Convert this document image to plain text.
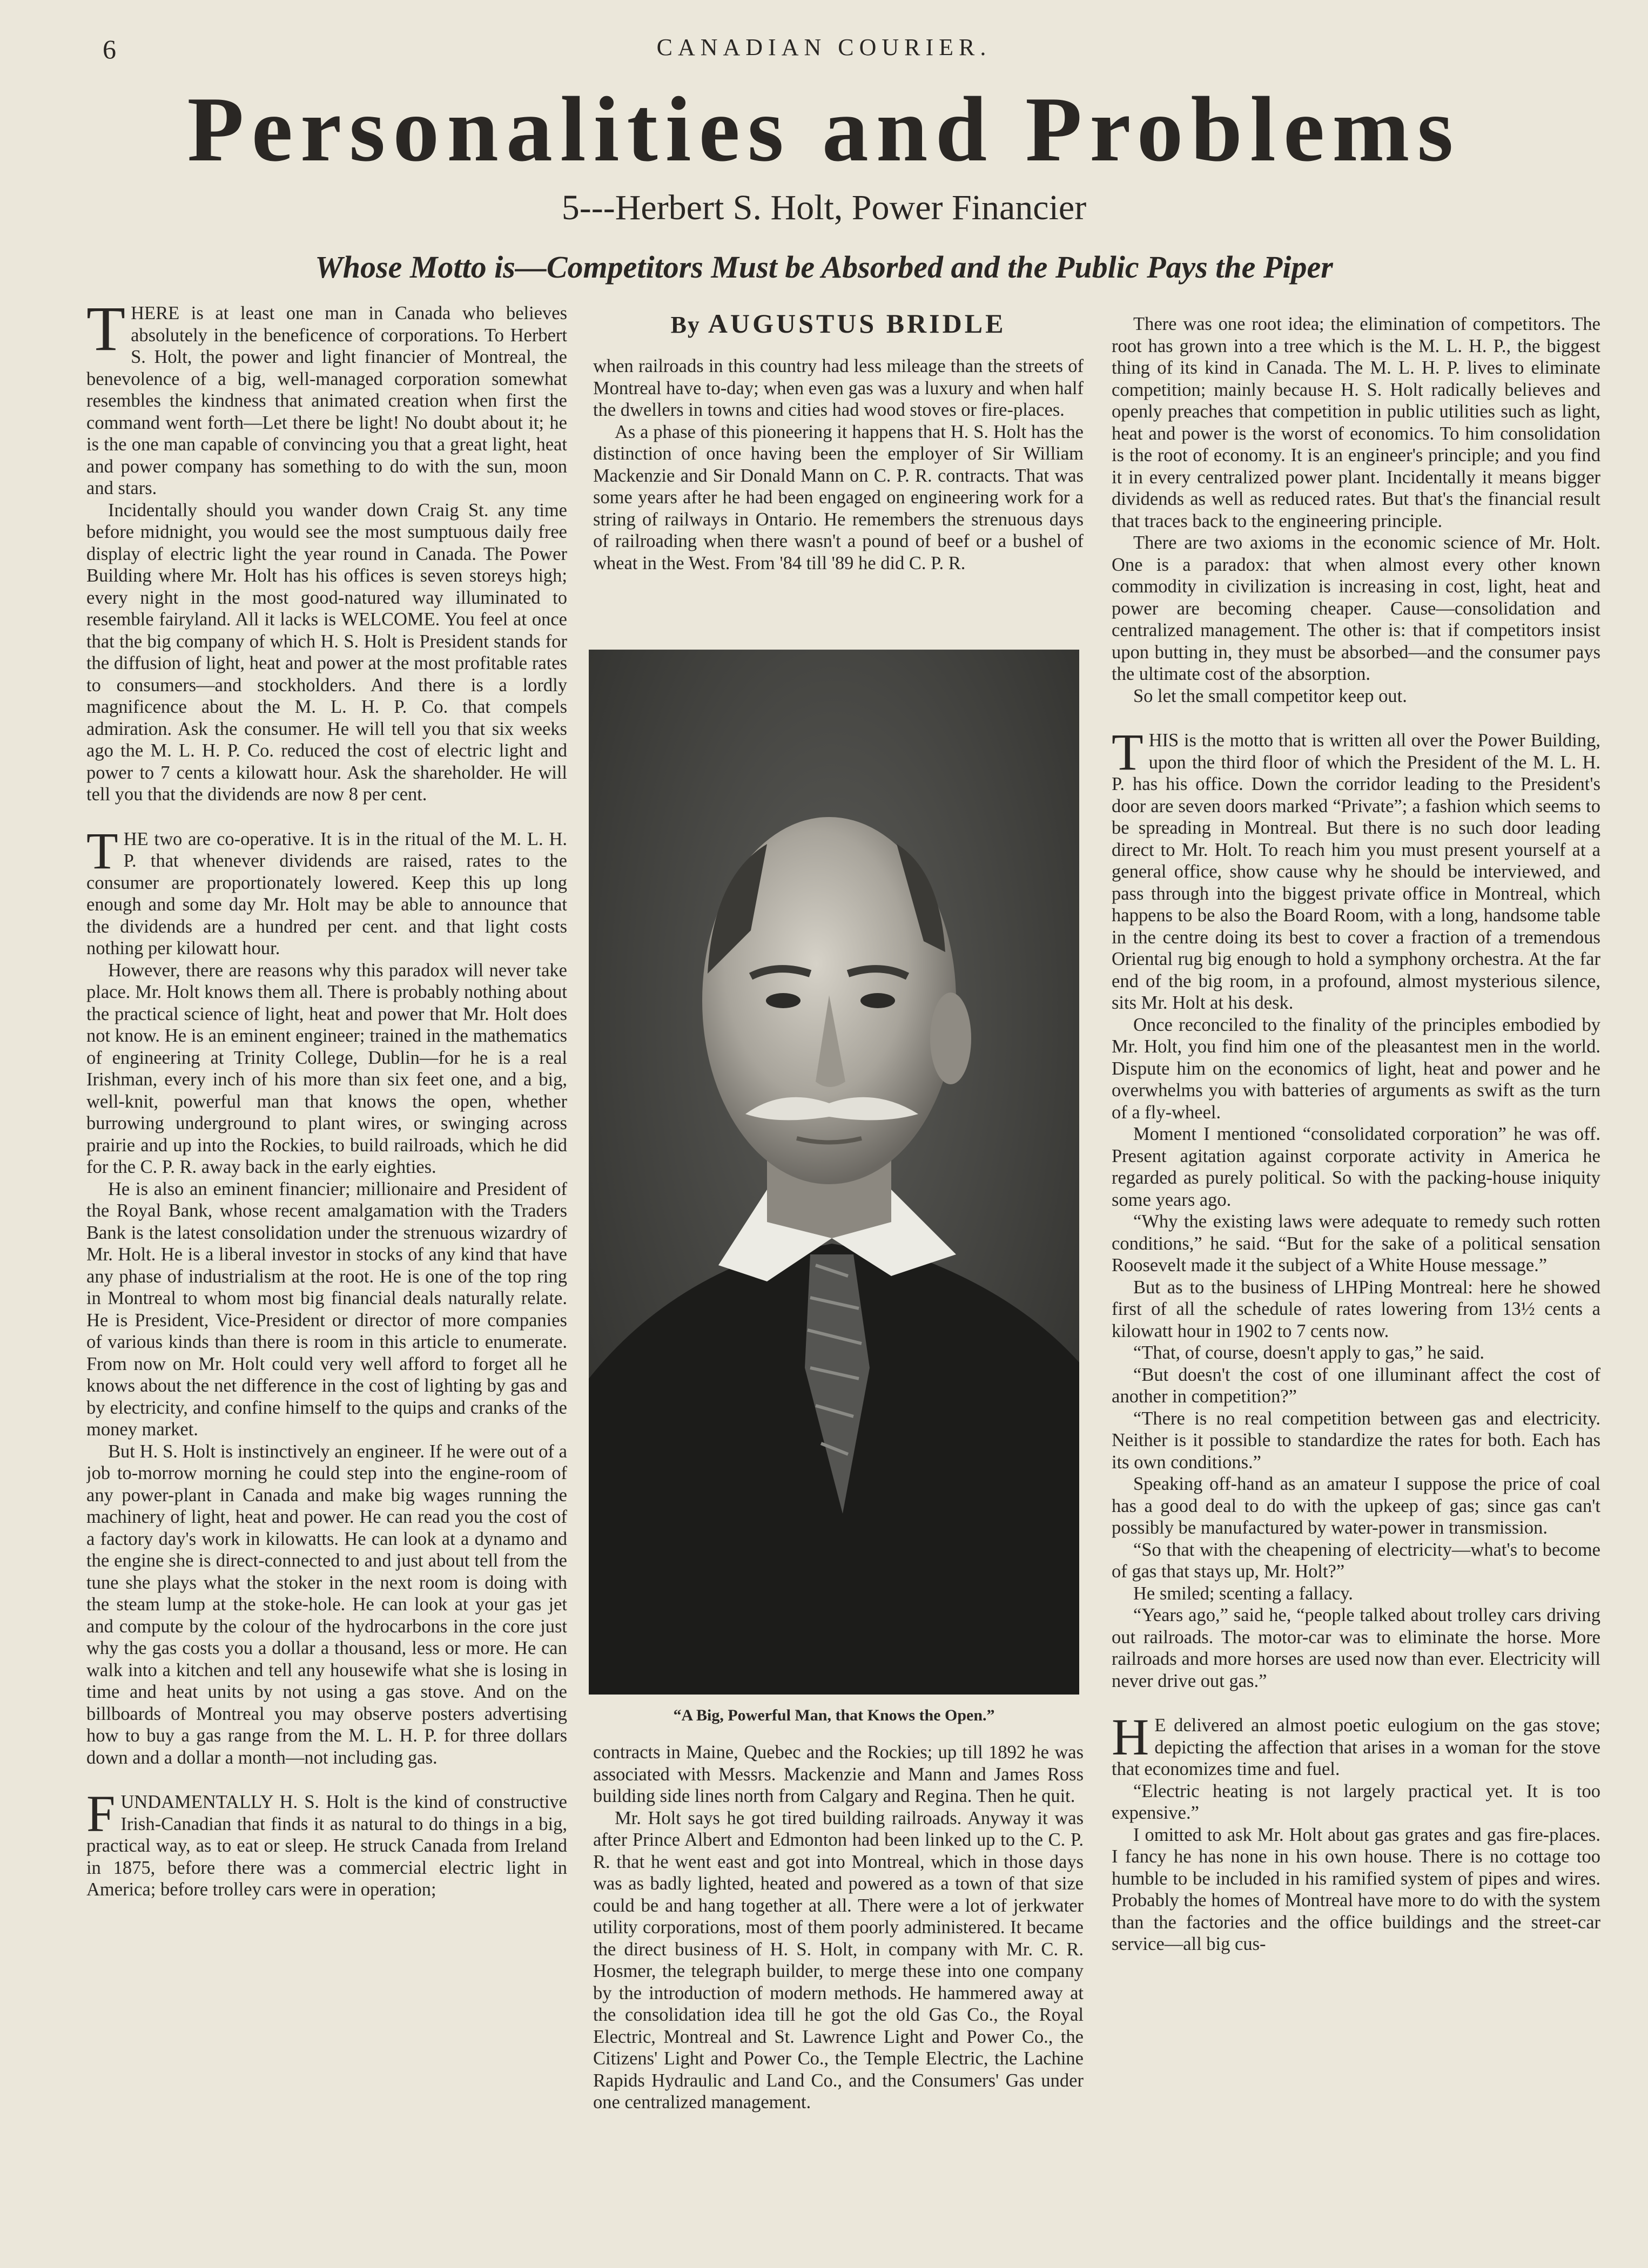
6	CANADIAN COURIER.
Personalities and Problems
5---Herbert S. Holt, Power Financier
Whose Motto is—Competitors Must be Absorbed and the Public Pays the Piper

THERE is at least one man in Canada who believes absolutely in the beneficence of corporations. To Herbert S. Holt, the power and light financier of Montreal, the benevolence of a big, well-managed corporation somewhat resembles the kindness that animated creation when first the command went forth—Let there be light! No doubt about it; he is the one man capable of convincing you that a great light, heat and power company has something to do with the sun, moon and stars.

Incidentally should you wander down Craig St. any time before midnight, you would see the most sumptuous daily free display of electric light the year round in Canada. The Power Building where Mr. Holt has his offices is seven storeys high; every night in the most good-natured way illuminated to resemble fairyland. All it lacks is WELCOME. You feel at once that the big company of which H. S. Holt is President stands for the diffusion of light, heat and power at the most profitable rates to consumers—and stockholders. And there is a lordly magnificence about the M. L. H. P. Co. that compels admiration. Ask the consumer. He will tell you that six weeks ago the M. L. H. P. Co. reduced the cost of electric light and power to 7 cents a kilowatt hour. Ask the shareholder. He will tell you that the dividends are now 8 per cent.

THE two are co-operative. It is in the ritual of the M. L. H. P. that whenever dividends are raised, rates to the consumer are proportionately lowered. Keep this up long enough and some day Mr. Holt may be able to announce that the dividends are a hundred per cent. and that light costs nothing per kilowatt hour.

However, there are reasons why this paradox will never take place. Mr. Holt knows them all. There is probably nothing about the practical science of light, heat and power that Mr. Holt does not know. He is an eminent engineer; trained in the mathematics of engineering at Trinity College, Dublin—for he is a real Irishman, every inch of his more than six feet one, and a big, well-knit, powerful man that knows the open, whether burrowing underground to plant wires, or swinging across prairie and up into the Rockies, to build railroads, which he did for the C. P. R. away back in the early eighties.

He is also an eminent financier; millionaire and President of the Royal Bank, whose recent amalgamation with the Traders Bank is the latest consolidation under the strenuous wizardry of Mr. Holt. He is a liberal investor in stocks of any kind that have any phase of industrialism at the root. He is one of the top ring in Montreal to whom most big financial deals naturally relate. He is President, Vice-President or director of more companies of various kinds than there is room in this article to enumerate. From now on Mr. Holt could very well afford to forget all he knows about the net difference in the cost of lighting by gas and by electricity, and confine himself to the quips and cranks of the money market.

But H. S. Holt is instinctively an engineer. If he were out of a job to-morrow morning he could step into the engine-room of any power-plant in Canada and make big wages running the machinery of light, heat and power. He can read you the cost of a factory day's work in kilowatts. He can look at a dynamo and the engine she is direct-connected to and just about tell from the tune she plays what the stoker in the next room is doing with the steam lump at the stoke-hole. He can look at your gas jet and compute by the colour of the hydrocarbons in the core just why the gas costs you a dollar a thousand, less or more. He can walk into a kitchen and tell any housewife what she is losing in time and heat units by not using a gas stove. And on the billboards of Montreal you may observe posters advertising how to buy a gas range from the M. L. H. P. for three dollars down and a dollar a month—not including gas.

FUNDAMENTALLY H. S. Holt is the kind of constructive Irish-Canadian that finds it as natural to do things in a big, practical way, as to eat or sleep. He struck Canada from Ireland in 1875, before there was a commercial electric light in America; before trolley cars were in operation;

By AUGUSTUS BRIDLE

when railroads in this country had less mileage than the streets of Montreal have to-day; when even gas was a luxury and when half the dwellers in towns and cities had wood stoves or fire-places.

As a phase of this pioneering it happens that H. S. Holt has the distinction of once having been the employer of Sir William Mackenzie and Sir Donald Mann on C. P. R. contracts. That was some years after he had been engaged on engineering work for a string of railways in Ontario. He remembers the strenuous days of railroading when there wasn't a pound of beef or a bushel of wheat in the West. From '84 till '89 he did C. P. R.

“A Big, Powerful Man, that Knows the Open.”

contracts in Maine, Quebec and the Rockies; up till 1892 he was associated with Messrs. Mackenzie and Mann and James Ross building side lines north from Calgary and Regina. Then he quit.

Mr. Holt says he got tired building railroads. Anyway it was after Prince Albert and Edmonton had been linked up to the C. P. R. that he went east and got into Montreal, which in those days was as badly lighted, heated and powered as a town of that size could be and hang together at all. There were a lot of jerkwater utility corporations, most of them poorly administered. It became the direct business of H. S. Holt, in company with Mr. C. R. Hosmer, the telegraph builder, to merge these into one company by the introduction of modern methods. He hammered away at the consolidation idea till he got the old Gas Co., the Royal Electric, Montreal and St. Lawrence Light and Power Co., the Citizens' Light and Power Co., the Temple Electric, the Lachine Rapids Hydraulic and Land Co., and the Consumers' Gas under one centralized management.

There was one root idea; the elimination of competitors. The root has grown into a tree which is the M. L. H. P., the biggest thing of its kind in Canada. The M. L. H. P. lives to eliminate competition; mainly because H. S. Holt radically believes and openly preaches that competition in public utilities such as light, heat and power is the worst of economics. To him consolidation is the root of economy. It is an engineer's principle; and you find it in every centralized power plant. Incidentally it means bigger dividends as well as reduced rates. But that's the financial result that traces back to the engineering principle.

There are two axioms in the economic science of Mr. Holt. One is a paradox: that when almost every other known commodity in civilization is increasing in cost, light, heat and power are becoming cheaper. Cause—consolidation and centralized management. The other is: that if competitors insist upon butting in, they must be absorbed—and the consumer pays the ultimate cost of the absorption.

So let the small competitor keep out.

THIS is the motto that is written all over the Power Building, upon the third floor of which the President of the M. L. H. P. has his office. Down the corridor leading to the President's door are seven doors marked “Private”; a fashion which seems to be spreading in Montreal. But there is no such door leading direct to Mr. Holt. To reach him you must present yourself at a general office, show cause why he should be interviewed, and pass through into the biggest private office in Montreal, which happens to be also the Board Room, with a long, handsome table in the centre doing its best to cover a fraction of a tremendous Oriental rug big enough to hold a symphony orchestra. At the far end of the big room, in a profound, almost mysterious silence, sits Mr. Holt at his desk.

Once reconciled to the finality of the principles embodied by Mr. Holt, you find him one of the pleasantest men in the world. Dispute him on the economics of light, heat and power and he overwhelms you with batteries of arguments as swift as the turn of a fly-wheel.

Moment I mentioned “consolidated corporation” he was off. Present agitation against corporate activity in America he regarded as purely political. So with the packing-house iniquity some years ago.

“Why the existing laws were adequate to remedy such rotten conditions,” he said. “But for the sake of a political sensation Roosevelt made it the subject of a White House message.”

But as to the business of LHPing Montreal: here he showed first of all the schedule of rates lowering from 13½ cents a kilowatt hour in 1902 to 7 cents now.

“That, of course, doesn't apply to gas,” he said.

“But doesn't the cost of one illuminant affect the cost of another in competition?”

“There is no real competition between gas and electricity. Neither is it possible to standardize the rates for both. Each has its own conditions.”

Speaking off-hand as an amateur I suppose the price of coal has a good deal to do with the upkeep of gas; since gas can't possibly be manufactured by water-power in transmission.

“So that with the cheapening of electricity—what's to become of gas that stays up, Mr. Holt?”

He smiled; scenting a fallacy.

“Years ago,” said he, “people talked about trolley cars driving out railroads. The motor-car was to eliminate the horse. More railroads and more horses are used now than ever. Electricity will never drive out gas.”

H E delivered an almost poetic eulogium on the gas stove; depicting the affection that arises in a woman for the stove that economizes time and fuel.

“Electric heating is not largely practical yet. It is too expensive.”

I omitted to ask Mr. Holt about gas grates and gas fire-places. I fancy he has none in his own house. There is no cottage too humble to be included in his ramified system of pipes and wires. Probably the homes of Montreal have more to do with the system than the factories and the office buildings and the street-car service—all big cus-
